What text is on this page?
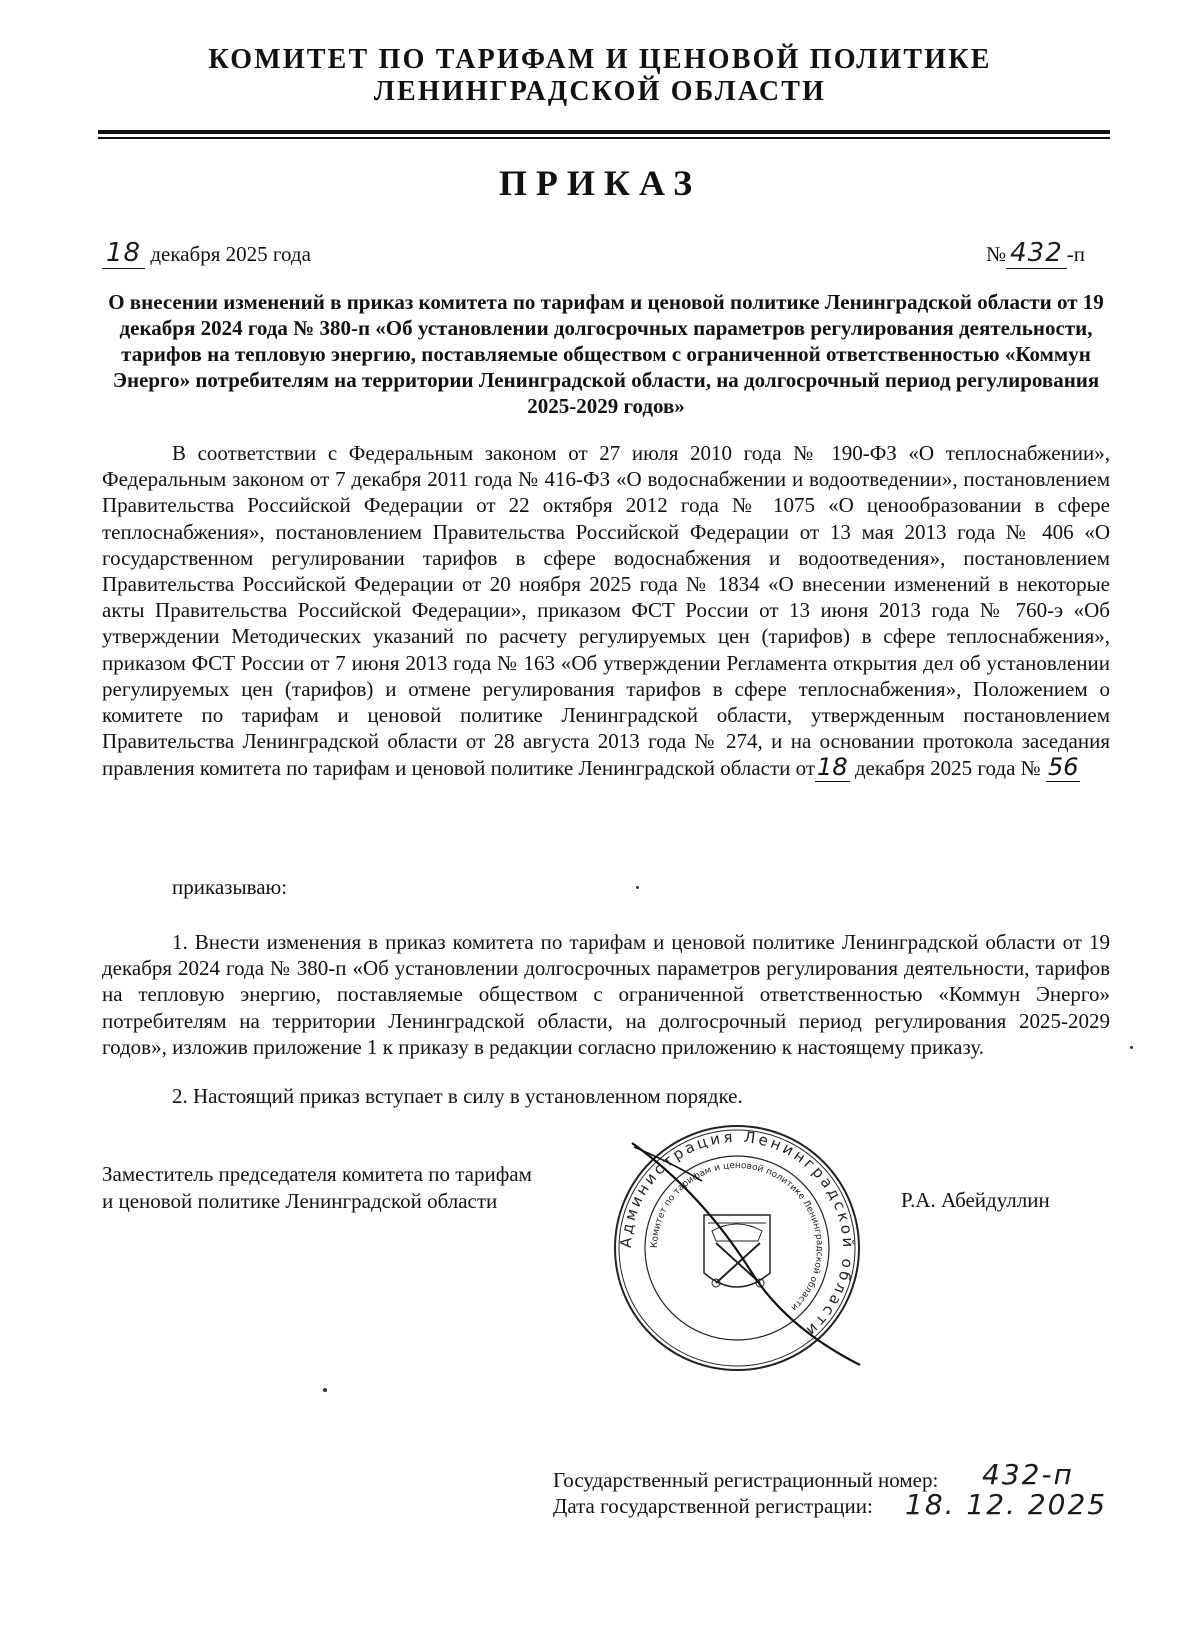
КОМИТЕТ ПО ТАРИФАМ И ЦЕНОВОЙ ПОЛИТИКЕ
ЛЕНИНГРАДСКОЙ ОБЛАСТИ
ПРИКАЗ
18 декабря 2025 года	№ 432 -п
О внесении изменений в приказ комитета по тарифам и ценовой политике Ленинградской области от 19 декабря 2024 года № 380-п «Об установлении долгосрочных параметров регулирования деятельности, тарифов на тепловую энергию, поставляемые обществом с ограниченной ответственностью «Коммун Энерго» потребителям на территории Ленинградской области, на долгосрочный период регулирования 2025-2029 годов»

В соответствии с Федеральным законом от 27 июля 2010 года № 190-ФЗ «О теплоснабжении», Федеральным законом от 7 декабря 2011 года № 416-ФЗ «О водоснабжении и водоотведении», постановлением Правительства Российской Федерации от 22 октября 2012 года № 1075 «О ценообразовании в сфере теплоснабжения», постановлением Правительства Российской Федерации от 13 мая 2013 года № 406 «О государственном регулировании тарифов в сфере водоснабжения и водоотведения», постановлением Правительства Российской Федерации от 20 ноября 2025 года № 1834 «О внесении изменений в некоторые акты Правительства Российской Федерации», приказом ФСТ России от 13 июня 2013 года № 760-э «Об утверждении Методических указаний по расчету регулируемых цен (тарифов) в сфере теплоснабжения», приказом ФСТ России от 7 июня 2013 года № 163 «Об утверждении Регламента открытия дел об установлении регулируемых цен (тарифов) и отмене регулирования тарифов в сфере теплоснабжения», Положением о комитете по тарифам и ценовой политике Ленинградской области, утвержденным постановлением Правительства Ленинградской области от 28 августа 2013 года № 274, и на основании протокола заседания правления комитета по тарифам и ценовой политике Ленинградской области от18 декабря 2025 года № 56

приказываю:

1. Внести изменения в приказ комитета по тарифам и ценовой политике Ленинградской области от 19 декабря 2024 года № 380-п «Об установлении долгосрочных параметров регулирования деятельности, тарифов на тепловую энергию, поставляемые обществом с ограниченной ответственностью «Коммун Энерго» потребителям на территории Ленинградской области, на долгосрочный период регулирования 2025-2029 годов», изложив приложение 1 к приказу в редакции согласно приложению к настоящему приказу.

2. Настоящий приказ вступает в силу в установленном порядке.

Заместитель председателя комитета по тарифам
и ценовой политике Ленинградской области	Р.А. Абейдуллин
Администрация Ленинградской области
Комитет по тарифам и ценовой политике Ленинградской области
Государственный регистрационный номер:
Дата государственной регистрации:
432-п
18. 12. 2025
